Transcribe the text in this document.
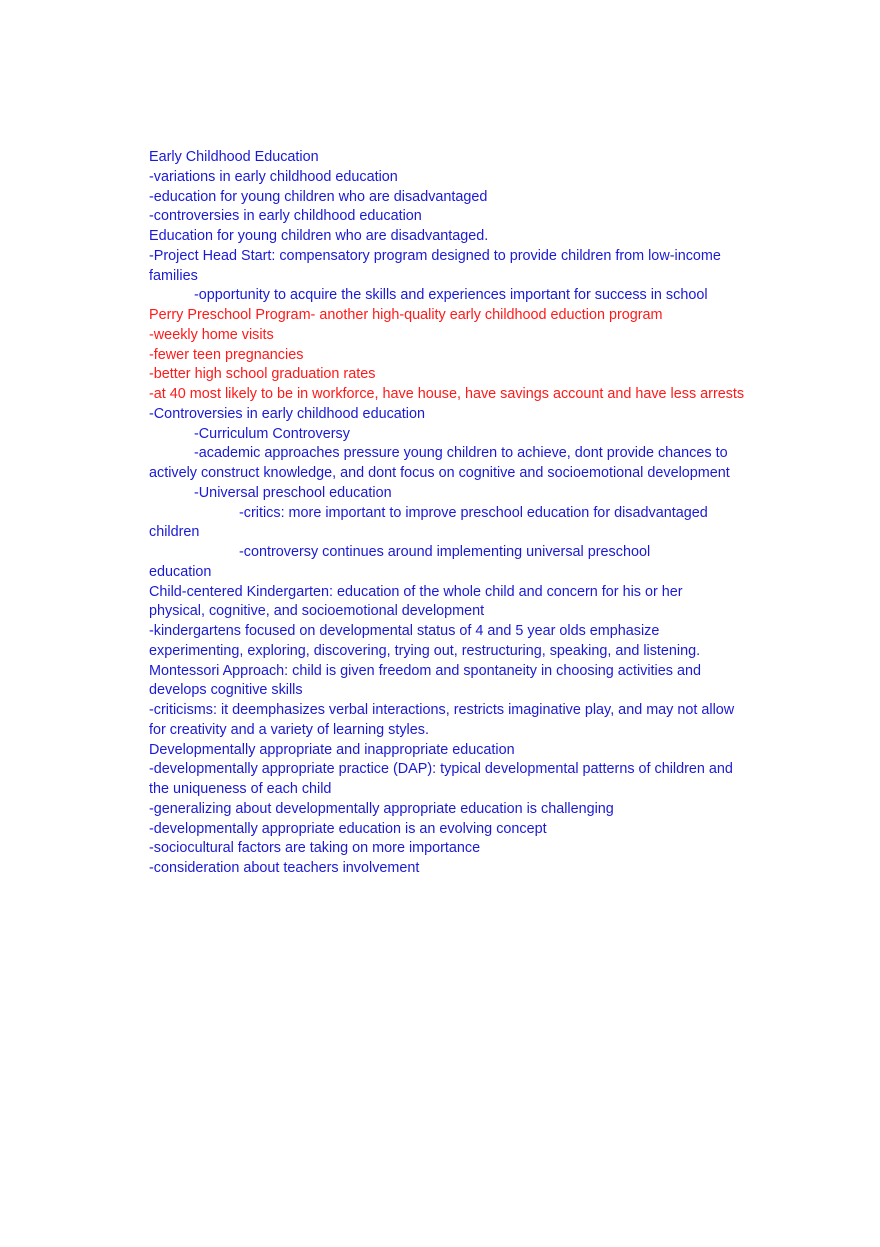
Early Childhood Education

-variations in early childhood education

-education for young children who are disadvantaged

-controversies in early childhood education

Education for young children who are disadvantaged.

-Project Head Start: compensatory program designed to provide children from low-income families

-opportunity to acquire the skills and experiences important for success in school

Perry Preschool Program- another high-quality early childhood eduction program

-weekly home visits

-fewer teen pregnancies

-better high school graduation rates

-at 40 most likely to be in workforce, have house, have savings account and have less arrests

-Controversies in early childhood education

-Curriculum Controversy

-academic approaches pressure young children to achieve, dont provide chances to actively construct knowledge, and dont focus on cognitive and socioemotional development

-Universal preschool education

-critics: more important to improve preschool education for disadvantaged children

-controversy continues around implementing universal preschool education

Child-centered Kindergarten: education of the whole child and concern for his or her physical, cognitive, and socioemotional development

-kindergartens focused on developmental status of 4 and 5 year olds emphasize experimenting, exploring, discovering, trying out, restructuring, speaking, and listening.

Montessori Approach: child is given freedom and spontaneity in choosing activities and develops cognitive skills

-criticisms: it deemphasizes verbal interactions, restricts imaginative play, and may not allow for creativity and a variety of learning styles.

Developmentally appropriate and inappropriate education

-developmentally appropriate practice (DAP): typical developmental patterns of children and the uniqueness of each child

-generalizing about developmentally appropriate education is challenging

-developmentally appropriate education is an evolving concept

-sociocultural factors are taking on more importance

-consideration about teachers involvement
